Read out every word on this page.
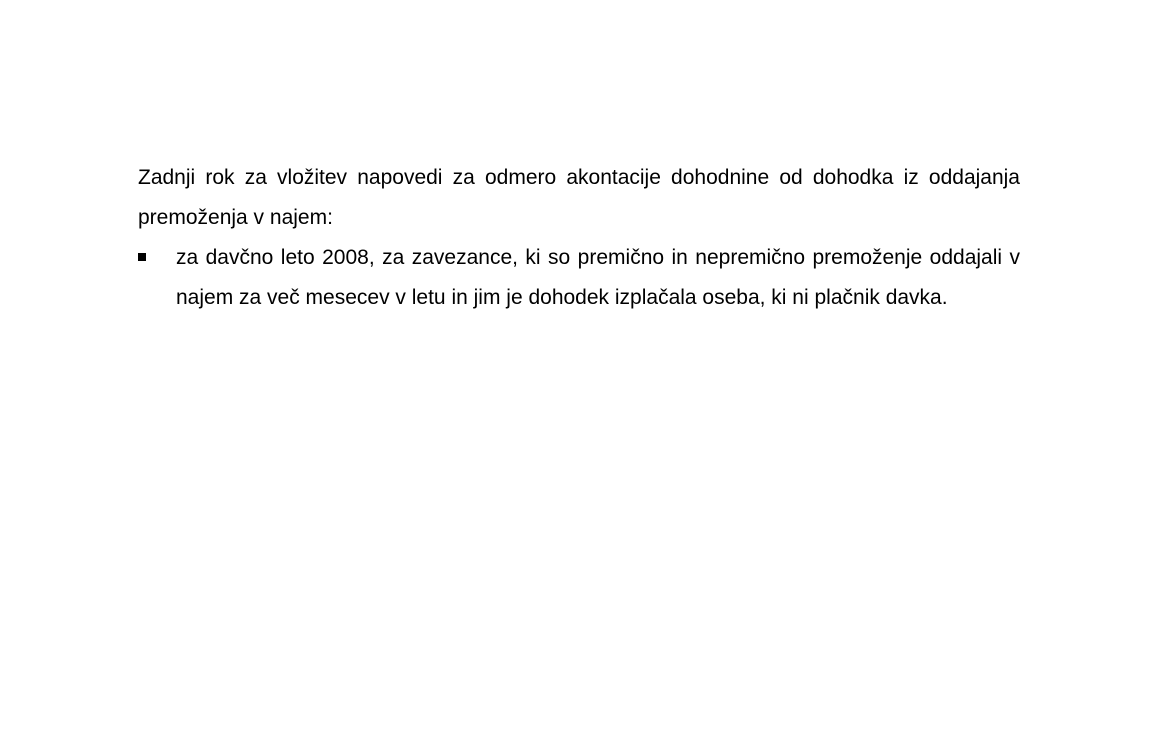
Zadnji rok za vložitev napovedi za odmero akontacije dohodnine od dohodka iz oddajanja premoženja v najem:

za davčno leto 2008, za zavezance, ki so premično in nepremično premoženje oddajali v najem za več mesecev v letu in jim je dohodek izplačala oseba, ki ni plačnik davka.
